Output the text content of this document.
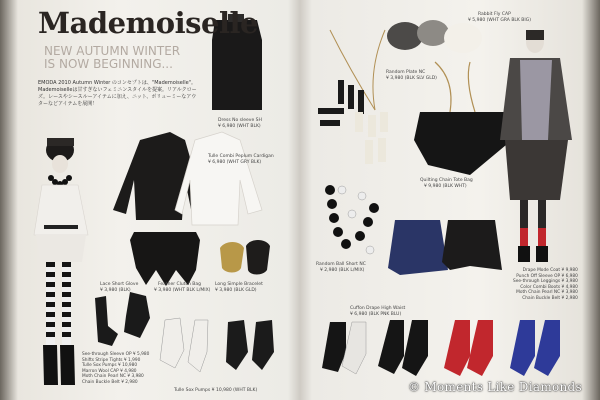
Mademoiselle
NEW AUTUMN WINTER
IS NOW BEGINNING...
EMODA 2010 Autumn Winter のコンセプトは、"Mademoiselle"。Mademoiselleは甘すぎないフェミニンスタイルを提案。リアルクローズ。レースやシースルーアイテムに加え、ニット、ボリューミーなアウターなどアイテムを展開！
Dress No sleeve SH
¥ 6,980 (WHT BLK)
Tulle Combi Peplum Cardigan
¥ 6,980 (WHT GRY BLK)
Lace Short Glove
¥ 3,980 (BLK)
Feather Clutch Bag
¥ 3,980 (WHT BLK L/MIX)
Long Simple Bracelet
¥ 3,980 (BLK GLD)
See-through Sleeve OP ¥ 5,980
Shifts Stripe Tights ¥ 1,990
Tulle Sox Pumps ¥ 10,980
Marron Wool CAP ¥ 4,980
Moth Chain Pearl NC ¥ 3,980
Chain Buckle Belt ¥ 2,980
Tulle Sox Pumps ¥ 10,980 (WHT BLK)
Random Plate NC
¥ 3,980 (BLK SLV GLD)
Rabbit Fly CAP
¥ 5,980 (WHT GRA BLK BIG)
Quilting Chain Tote Bag
¥ 9,980 (BLK WHT)
Random Ball Short NC
¥ 2,980 (BLK L/MIX)
Cuffon Drape High Waist
¥ 6,980 (BLK PNK BLU)
Drape Mode Coat ¥ 9,980
Punch Off Sleeve OP ¥ 6,980
See-through Leggings ¥ 3,980
Color Combi Boots ¥ 4,980
Moth Chain Pearl NC ¥ 3,980
Chain Buckle Belt ¥ 2,980
© Moments Like Diamonds
